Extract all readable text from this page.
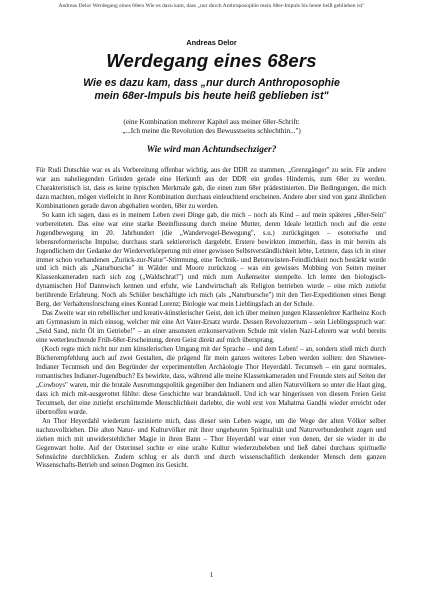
Andreas Delor Werdegang eines 68ers Wie es dazu kam, dass „nur durch Anthroposophie mein 68er-Impuls bis heute heiß geblieben ist"
Andreas Delor
Werdegang eines 68ers
Wie es dazu kam, dass „nur durch Anthroposophie
mein 68er-Impuls bis heute heiß geblieben ist"
(eine Kombination mehrerer Kapitel aus meiner 68er-Schrift:
„...Ich meine die Revolution des Bewusstseins schlechthin...")
Wie wird man Achtundsechziger?

Für Rudi Dutschke war es als Vorbereitung offenbar wichtig, aus der DDR zu stammen, „Grenzgänger" zu sein. Für andere war aus naheliegenden Gründen gerade eine Herkunft aus der DDR ein großes Hindernis, zum 68er zu werden. Charakteristisch ist, dass es keine typischen Merkmale gab, die einen zum 68er prädestinierten. Die Bedingungen, die mich dazu machten, mögen vielleicht in ihrer Kombination durchaus einleuchtend erscheinen. Andere aber sind von ganz ähnlichen Kombinationen gerade davon abgehalten worden, 68er zu werden.

So kann ich sagen, dass es in meinem Leben zwei Dinge gab, die mich – noch als Kind – auf mein späteres „68er-Sein" vorbereiteten. Das eine war eine starke Beeinflussung durch meine Mutter, deren Ideale letztlich noch auf die erste Jugendbewegung im 20. Jahrhundert (die „Wandervogel-Bewegung", s.u.) zurückgingen – esoterische und lebensreformerische Impulse, durchaus stark sektiererisch dargelebt. Erstere bewirkten immerhin, dass in mir bereits als Jugendlichem der Gedanke der Wiederverkörperung mit einer gewissen Selbstverständlichkeit lebte, Letztere, dass ich in einer immer schon vorhandenen „Zurück-zur-Natur"-Stimmung, eine Technik- und Betonwüsten-Feindlichkeit noch bestärkt wurde und ich mich als „Naturbursche" in Wälder und Moore zurückzog – was ein gewisses Mobbing von Seiten meiner Klassenkameraden nach sich zog („Waldschrat!") und mich zum Außenseiter stempelte. Ich lernte den biologisch-dynamischen Hof Dannwisch kennen und erfuhr, wie Landwirtschaft als Religion betrieben wurde – eine mich zutiefst berührende Erfahrung. Noch als Schüler beschäftigte ich mich (als „Naturbursche") mit den Tier-Expeditionen eines Bengt Berg, der Verhaltensforschung eines Konrad Lorenz; Biologie war mein Lieblingsfach an der Schule.

Das Zweite war ein rebellischer und kreativ-künstlerischer Geist, den ich über meinen jungen Klassenlehrer Karlheinz Koch am Gymnasium in mich einsog, welcher mir eine Art Vater-Ersatz wurde. Dessen Revoluzzertum – sein Lieblingsspruch war: „Seid Sand, nicht Öl im Getriebe!" – an einer ansonsten erzkonservativen Schule mit vielen Nazi-Lehrern war wohl bereits eine wetterleuchtende Früh-68er-Erscheinung, deren Geist direkt auf mich übersprang.

(Koch regte mich nicht nur zum künstlerischen Umgang mit der Sprache – und dem Leben! – an, sondern stieß mich durch Bücherempfehlung auch auf zwei Gestalten, die prägend für mein ganzes weiteres Leben werden sollten: den Shawnee-Indianer Tecumseh und den Begründer der experimentellen Archäologie Thor Heyerdahl. Tecumseh – ein ganz normales, romantisches Indianer-Jugendbuch? Es bewirkte, dass, während alle meine Klassenkameraden und Freunde stets auf Seiten der „Cowboys" waren, mir die brutale Ausrottungspolitik gegenüber den Indianern und allen Naturvölkern so unter die Haut ging, dass ich mich mit-ausgerottet fühlte: diese Geschichte war brandaktuell. Und ich war hingerissen von diesem Freien Geist Tecumseh, der eine zutiefst erschütternde Menschlichkeit darlebte, die wohl erst von Mahatma Gandhi wieder erreicht oder übertroffen wurde.

An Thor Heyerdahl wiederum faszinierte mich, dass dieser sein Leben wagte, um die Wege der alten Völker selber nachzuvollziehen. Die alten Natur- und Kulturvölker mit ihrer ungeheuren Spiritualität und Naturverbundenheit zogen und ziehen mich mit unwiderstehlicher Magie in ihren Bann – Thor Heyerdahl war einer von denen, der sie wieder in die Gegenwart holte. Auf der Osterinsel suchte er eine uralte Kultur wiederzubeleben und ließ dabei durchaus spirituelle Sehnsüchte durchblicken. Zudem schlug er als durch und durch wissenschaftlich denkender Mensch dem ganzen Wissenschafts-Betrieb und seinen Dogmen ins Gesicht.

1
